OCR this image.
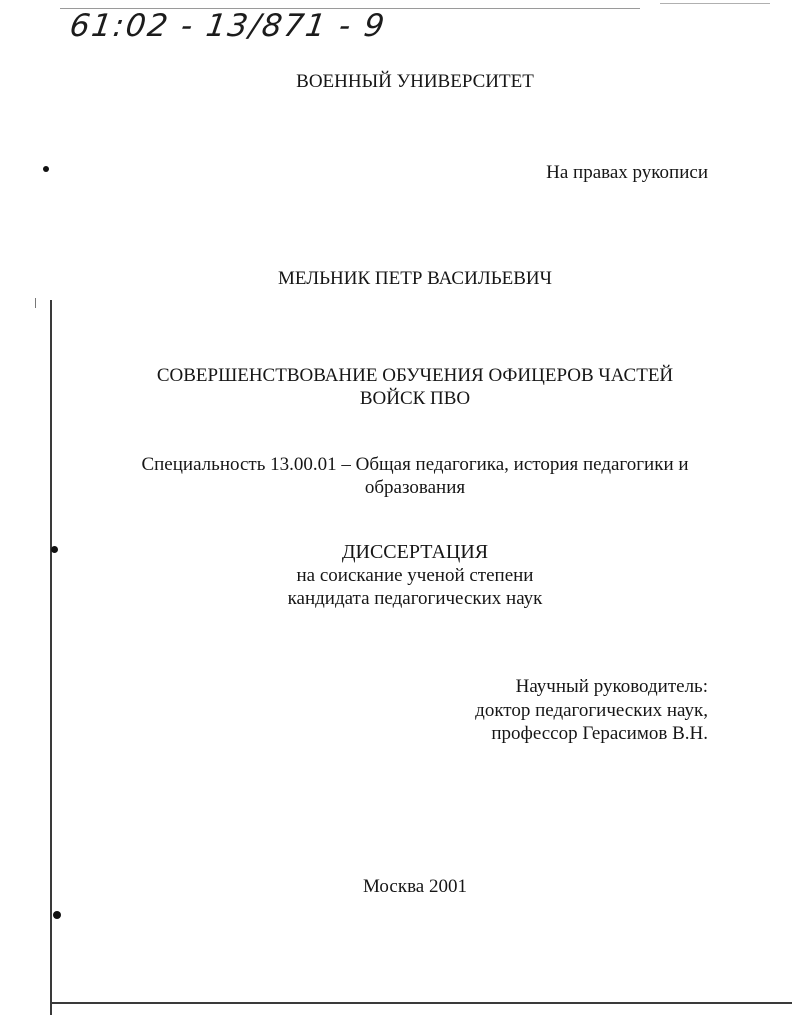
61:02 - 13/871 - 9
ВОЕННЫЙ УНИВЕРСИТЕТ
На правах рукописи
МЕЛЬНИК ПЕТР ВАСИЛЬЕВИЧ
СОВЕРШЕНСТВОВАНИЕ ОБУЧЕНИЯ ОФИЦЕРОВ ЧАСТЕЙ
ВОЙСК ПВО
Специальность 13.00.01 – Общая педагогика, история педагогики и
образования
ДИССЕРТАЦИЯ
на соискание ученой степени
кандидата педагогических наук
Научный руководитель:
доктор педагогических наук,
профессор Герасимов В.Н.
Москва 2001
